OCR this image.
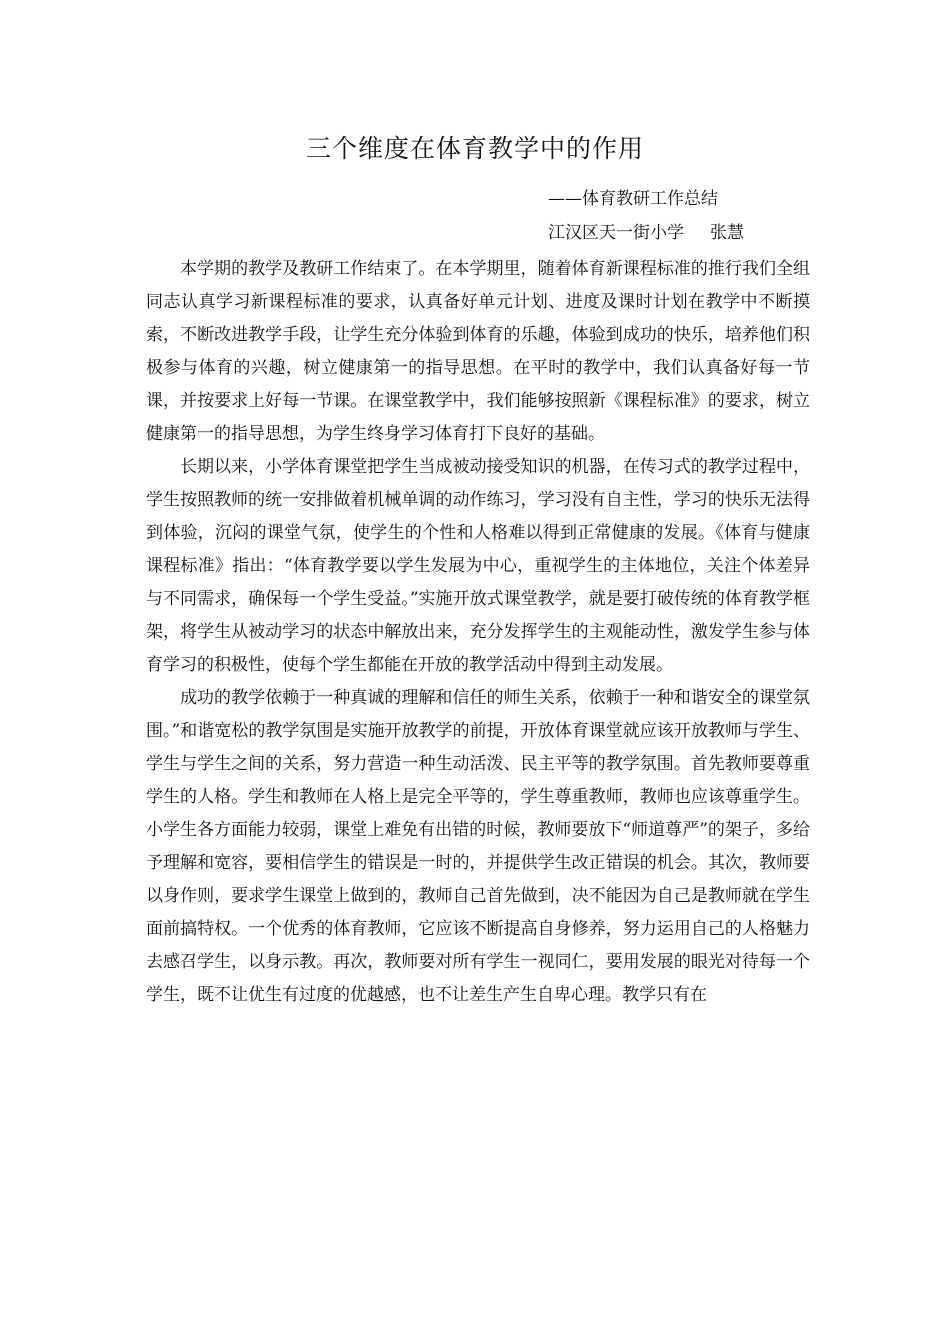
三个维度在体育教学中的作用
——体育教研工作总结
江汉区天一街小学 张慧

本学期的教学及教研工作结束了。在本学期里，随着体育新课程标准的推行我们全组同志认真学习新课程标准的要求，认真备好单元计划、进度及课时计划在教学中不断摸索，不断改进教学手段，让学生充分体验到体育的乐趣，体验到成功的快乐，培养他们积极参与体育的兴趣，树立健康第一的指导思想。在平时的教学中，我们认真备好每一节课，并按要求上好每一节课。在课堂教学中，我们能够按照新《课程标准》的要求，树立健康第一的指导思想，为学生终身学习体育打下良好的基础。

长期以来，小学体育课堂把学生当成被动接受知识的机器，在传习式的教学过程中，学生按照教师的统一安排做着机械单调的动作练习，学习没有自主性，学习的快乐无法得到体验，沉闷的课堂气氛，使学生的个性和人格难以得到正常健康的发展。《体育与健康课程标准》指出：“体育教学要以学生发展为中心，重视学生的主体地位，关注个体差异与不同需求，确保每一个学生受益。”实施开放式课堂教学，就是要打破传统的体育教学框架，将学生从被动学习的状态中解放出来，充分发挥学生的主观能动性，激发学生参与体育学习的积极性，使每个学生都能在开放的教学活动中得到主动发展。

成功的教学依赖于一种真诚的理解和信任的师生关系，依赖于一种和谐安全的课堂氛围。”和谐宽松的教学氛围是实施开放教学的前提，开放体育课堂就应该开放教师与学生、学生与学生之间的关系，努力营造一种生动活泼、民主平等的教学氛围。首先教师要尊重学生的人格。学生和教师在人格上是完全平等的，学生尊重教师，教师也应该尊重学生。小学生各方面能力较弱，课堂上难免有出错的时候，教师要放下“师道尊严”的架子，多给予理解和宽容，要相信学生的错误是一时的，并提供学生改正错误的机会。其次，教师要以身作则，要求学生课堂上做到的，教师自己首先做到，决不能因为自己是教师就在学生面前搞特权。一个优秀的体育教师，它应该不断提高自身修养，努力运用自己的人格魅力去感召学生，以身示教。再次，教师要对所有学生一视同仁，要用发展的眼光对待每一个学生，既不让优生有过度的优越感，也不让差生产生自卑心理。教学只有在
